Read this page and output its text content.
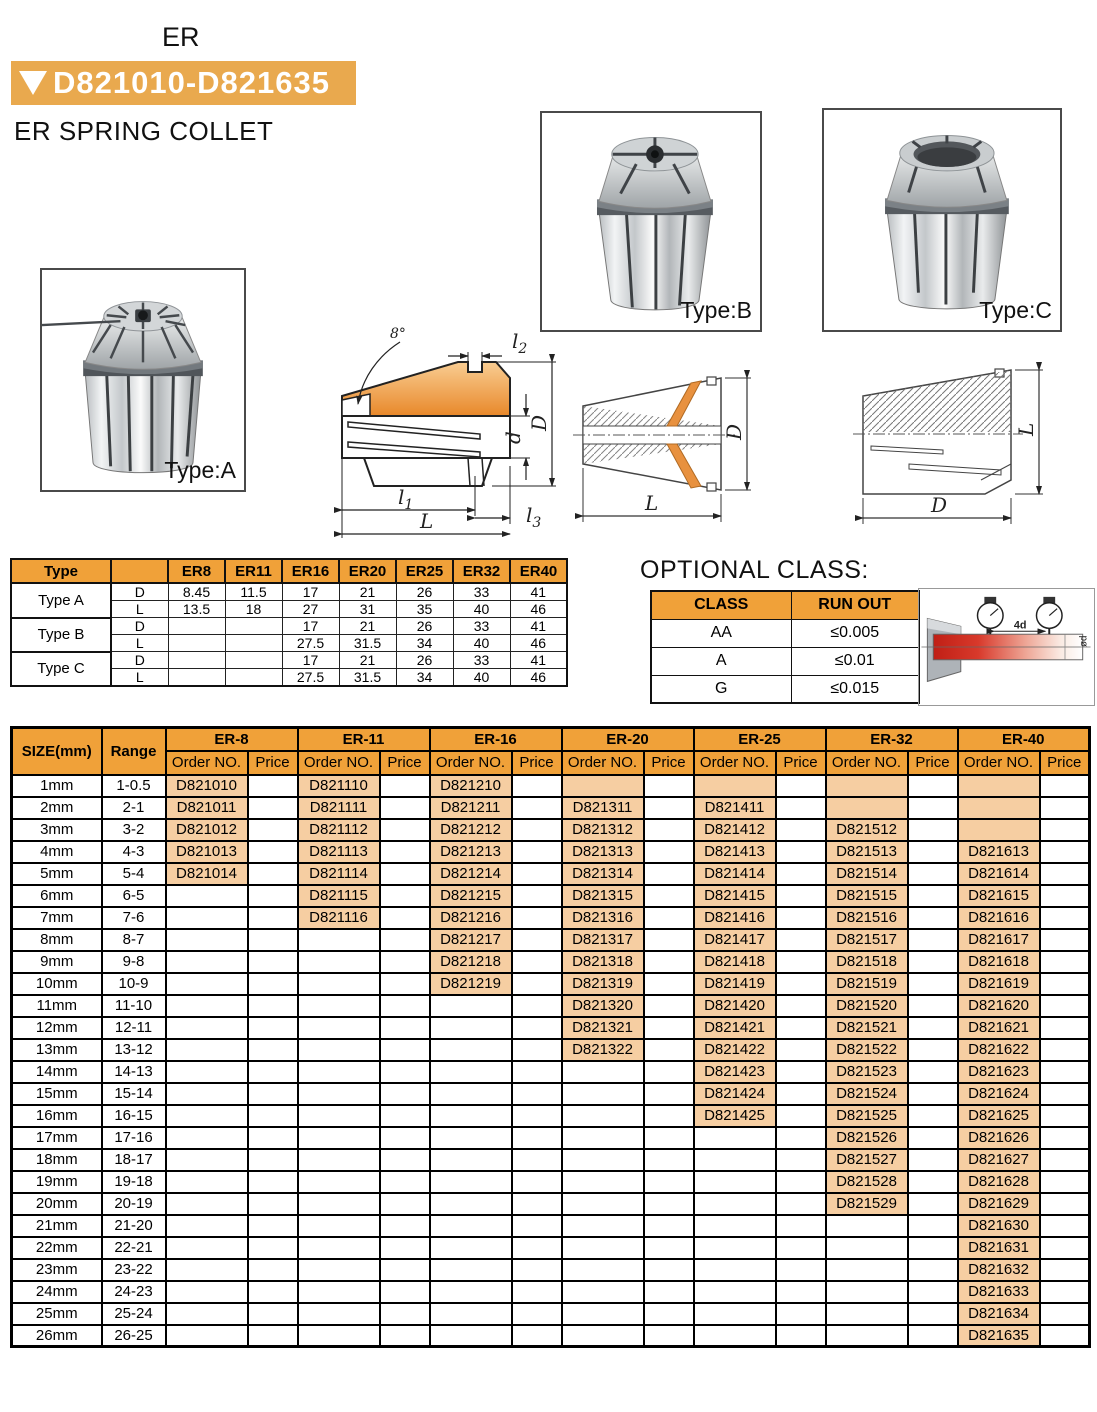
ER
D821010-D821635
ER SPRING COLLET
Type:A
Type:B	Type:C
8°	$l_2$
d
D
$l_1$	$l_3$
L
D
L
L
D
Type		ER8	ER11	ER16	ER20	ER25	ER32	ER40
Type A	D	8.45	11.5	17	21	26	33	41
	L	13.5	18	27	31	35	40	46
Type B	D			17	21	26	33	41
	L			27.5	31.5	34	40	46
Type C	D			17	21	26	33	41
	L			27.5	31.5	34	40	46
OPTIONAL CLASS:
CLASS	RUN OUT
AA	≤0.005
A	≤0.01
G	≤0.015
4d
ød
SIZE(mm)	Range	ER-8		ER-11		ER-16		ER-20		ER-25		ER-32		ER-40	
		Order NO.	Price	Order NO.	Price	Order NO.	Price	Order NO.	Price	Order NO.	Price	Order NO.	Price	Order NO.	Price
1mm	1-0.5	D821010		D821110		D821210									
2mm	2-1	D821011		D821111		D821211		D821311		D821411					
3mm	3-2	D821012		D821112		D821212		D821312		D821412		D821512			
4mm	4-3	D821013		D821113		D821213		D821313		D821413		D821513		D821613	
5mm	5-4	D821014		D821114		D821214		D821314		D821414		D821514		D821614	
6mm	6-5			D821115		D821215		D821315		D821415		D821515		D821615	
7mm	7-6			D821116		D821216		D821316		D821416		D821516		D821616	
8mm	8-7					D821217		D821317		D821417		D821517		D821617	
9mm	9-8					D821218		D821318		D821418		D821518		D821618	
10mm	10-9					D821219		D821319		D821419		D821519		D821619	
11mm	11-10							D821320		D821420		D821520		D821620	
12mm	12-11							D821321		D821421		D821521		D821621	
13mm	13-12							D821322		D821422		D821522		D821622	
14mm	14-13									D821423		D821523		D821623	
15mm	15-14									D821424		D821524		D821624	
16mm	16-15									D821425		D821525		D821625	
17mm	17-16											D821526		D821626	
18mm	18-17											D821527		D821627	
19mm	19-18											D821528		D821628	
20mm	20-19											D821529		D821629	
21mm	21-20													D821630	
22mm	22-21													D821631	
23mm	23-22													D821632	
24mm	24-23													D821633	
25mm	25-24													D821634	
26mm	26-25													D821635	
